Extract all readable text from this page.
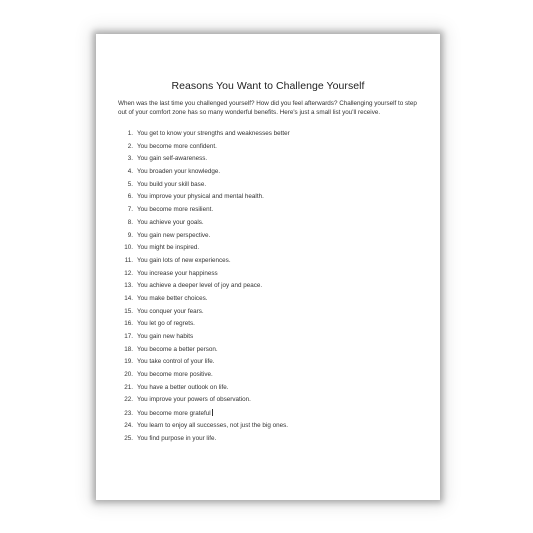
Reasons You Want to Challenge Yourself
When was the last time you challenged yourself? How did you feel afterwards? Challenging yourself to step out of your comfort zone has so many wonderful benefits. Here's just a small list you'll receive.
1. You get to know your strengths and weaknesses better
2. You become more confident.
3. You gain self-awareness.
4. You broaden your knowledge.
5. You build your skill base.
6. You improve your physical and mental health.
7. You become more resilient.
8. You achieve your goals.
9. You gain new perspective.
10. You might be inspired.
11. You gain lots of new experiences.
12. You increase your happiness
13. You achieve a deeper level of joy and peace.
14. You make better choices.
15. You conquer your fears.
16. You let go of regrets.
17. You gain new habits
18. You become a better person.
19. You take control of your life.
20. You become more positive.
21. You have a better outlook on life.
22. You improve your powers of observation.
23. You become more grateful
24. You learn to enjoy all successes, not just the big ones.
25. You find purpose in your life.
